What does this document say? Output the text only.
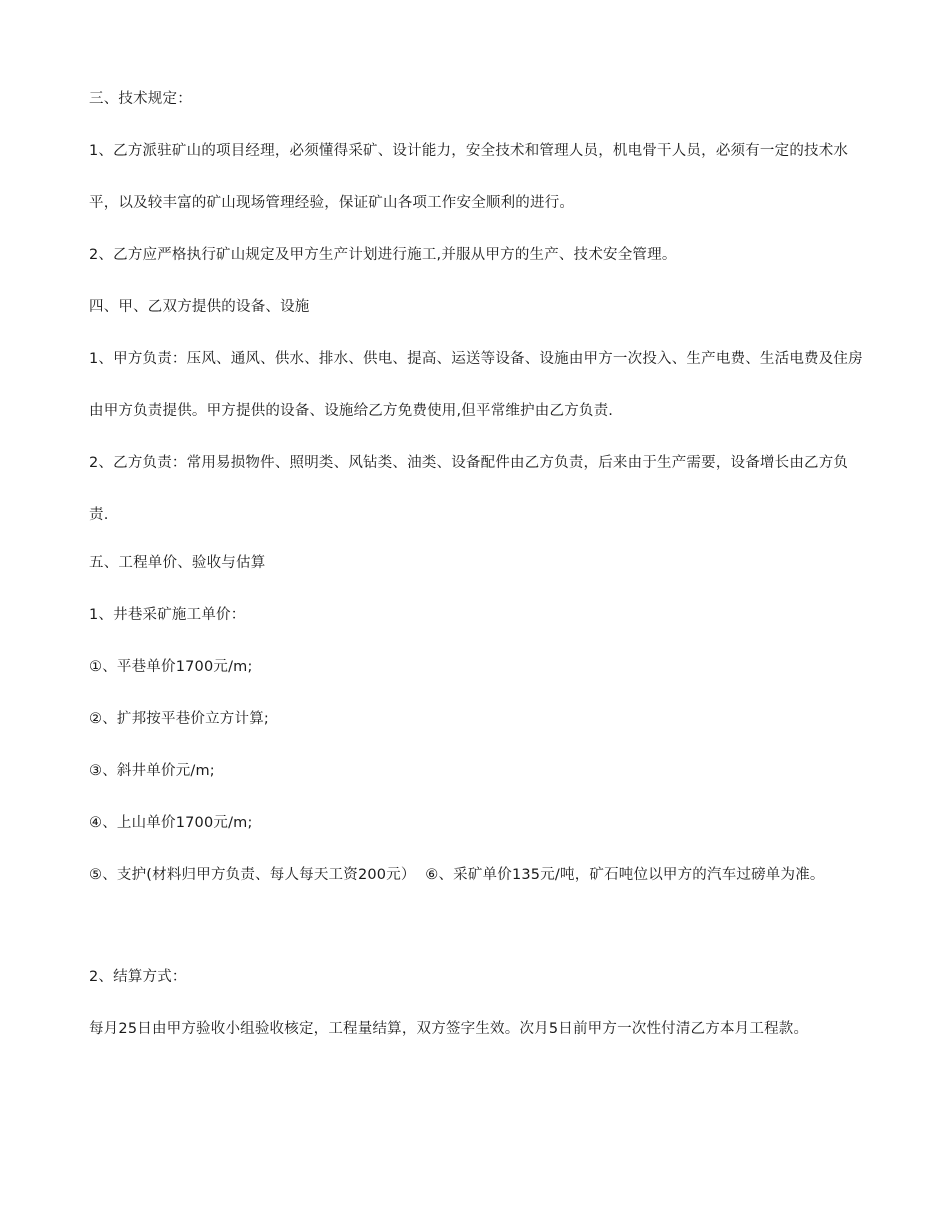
三、技术规定：

1、乙方派驻矿山的项目经理，必须懂得采矿、设计能力，安全技术和管理人员，机电骨干人员，必须有一定的技术水平，以及较丰富的矿山现场管理经验，保证矿山各项工作安全顺利的进行。

2、乙方应严格执行矿山规定及甲方生产计划进行施工,并服从甲方的生产、技术安全管理。

四、甲、乙双方提供的设备、设施

1、甲方负责：压风、通风、供水、排水、供电、提高、运送等设备、设施由甲方一次投入、生产电费、生活电费及住房由甲方负责提供。甲方提供的设备、设施给乙方免费使用,但平常维护由乙方负责.

2、乙方负责：常用易损物件、照明类、风钻类、油类、设备配件由乙方负责，后来由于生产需要，设备增长由乙方负责.

五、工程单价、验收与估算

1、井巷采矿施工单价：

①、平巷单价1700元/m;

②、扩邦按平巷价立方计算;

③、斜井单价元/m;

④、上山单价1700元/m;

⑤、支护(材料归甲方负责、每人每天工资200元）  ⑥、采矿单价135元/吨，矿石吨位以甲方的汽车过磅单为准。

2、结算方式：

每月25日由甲方验收小组验收核定，工程量结算，双方签字生效。次月5日前甲方一次性付清乙方本月工程款。
